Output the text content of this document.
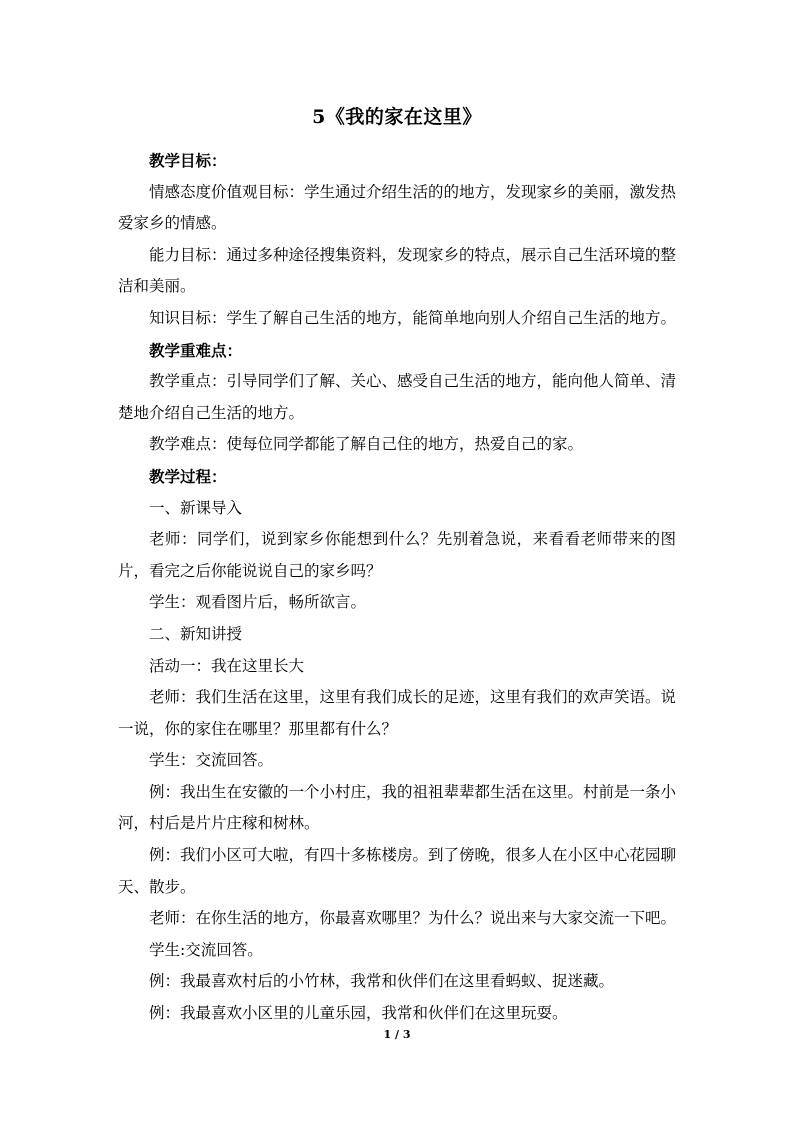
5《我的家在这里》

教学目标：

情感态度价值观目标：学生通过介绍生活的的地方，发现家乡的美丽，激发热爱家乡的情感。

能力目标：通过多种途径搜集资料，发现家乡的特点，展示自己生活环境的整洁和美丽。

知识目标：学生了解自己生活的地方，能简单地向别人介绍自己生活的地方。

教学重难点：

教学重点：引导同学们了解、关心、感受自己生活的地方，能向他人简单、清楚地介绍自己生活的地方。

教学难点：使每位同学都能了解自己住的地方，热爱自己的家。

教学过程：

一、新课导入

老师：同学们，说到家乡你能想到什么？先别着急说，来看看老师带来的图片，看完之后你能说说自己的家乡吗？

学生：观看图片后，畅所欲言。

二、新知讲授

活动一：我在这里长大

老师：我们生活在这里，这里有我们成长的足迹，这里有我们的欢声笑语。说一说，你的家住在哪里？那里都有什么？

学生：交流回答。

例：我出生在安徽的一个小村庄，我的祖祖辈辈都生活在这里。村前是一条小河，村后是片片庄稼和树林。

例：我们小区可大啦，有四十多栋楼房。到了傍晚，很多人在小区中心花园聊天、散步。

老师：在你生活的地方，你最喜欢哪里？为什么？说出来与大家交流一下吧。

学生:交流回答。

例：我最喜欢村后的小竹林，我常和伙伴们在这里看蚂蚁、捉迷藏。

例：我最喜欢小区里的儿童乐园，我常和伙伴们在这里玩耍。

1 / 3
